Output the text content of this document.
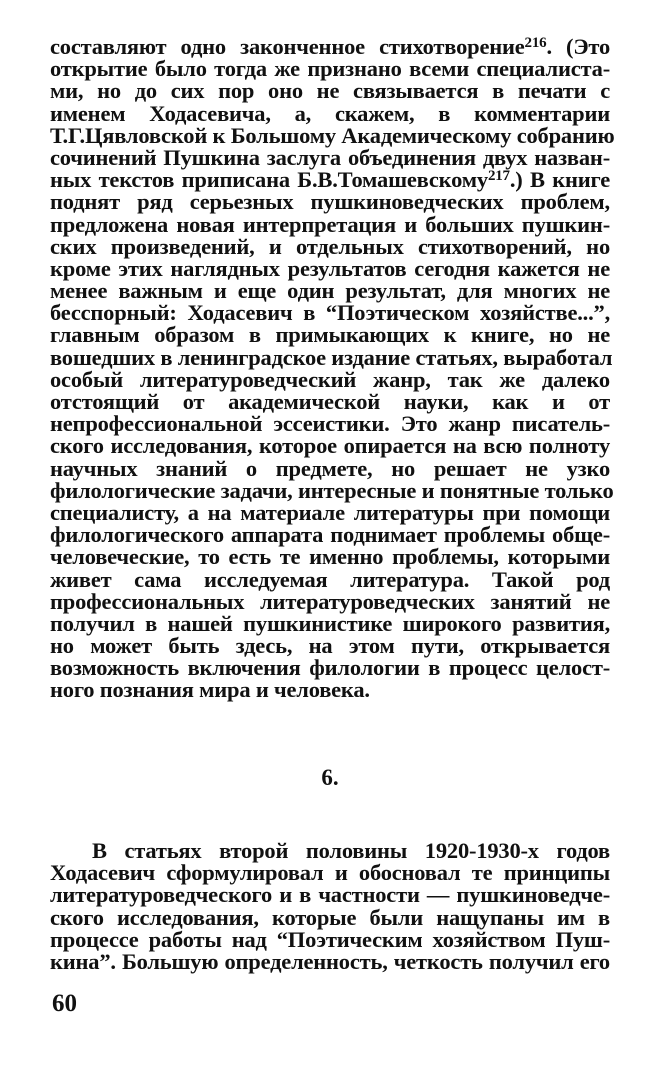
составляют одно законченное стихотворение$^{216}$. (Это
открытие было тогда же признано всеми специалиста-
ми, но до сих пор оно не связывается в печати с
именем Ходасевича, а, скажем, в комментарии
Т.Г.Цявловской к Большому Академическому собранию
сочинений Пушкина заслуга объединения двух назван-
ных текстов приписана Б.В.Томашевскому$^{217}$.) В книге
поднят ряд серьезных пушкиноведческих проблем,
предложена новая интерпретация и больших пушкин-
ских произведений, и отдельных стихотворений, но
кроме этих наглядных результатов сегодня кажется не
менее важным и еще один результат, для многих не
бесспорный: Ходасевич в “Поэтическом хозяйстве...”,
главным образом в примыкающих к книге, но не
вошедших в ленинградское издание статьях, выработал
особый литературоведческий жанр, так же далеко
отстоящий от академической науки, как и от
непрофессиональной эссеистики. Это жанр писатель-
ского исследования, которое опирается на всю полноту
научных знаний о предмете, но решает не узко
филологические задачи, интересные и понятные только
специалисту, а на материале литературы при помощи
филологического аппарата поднимает проблемы обще-
человеческие, то есть те именно проблемы, которыми
живет сама исследуемая литература. Такой род
профессиональных литературоведческих занятий не
получил в нашей пушкинистике широкого развития,
но может быть здесь, на этом пути, открывается
возможность включения филологии в процесс целост-
ного познания мира и человека.
6.
В статьях второй половины 1920-1930-х годов
Ходасевич сформулировал и обосновал те принципы
литературоведческого и в частности — пушкиноведче-
ского исследования, которые были нащупаны им в
процессе работы над “Поэтическим хозяйством Пуш-
кина”. Большую определенность, четкость получил его
60
